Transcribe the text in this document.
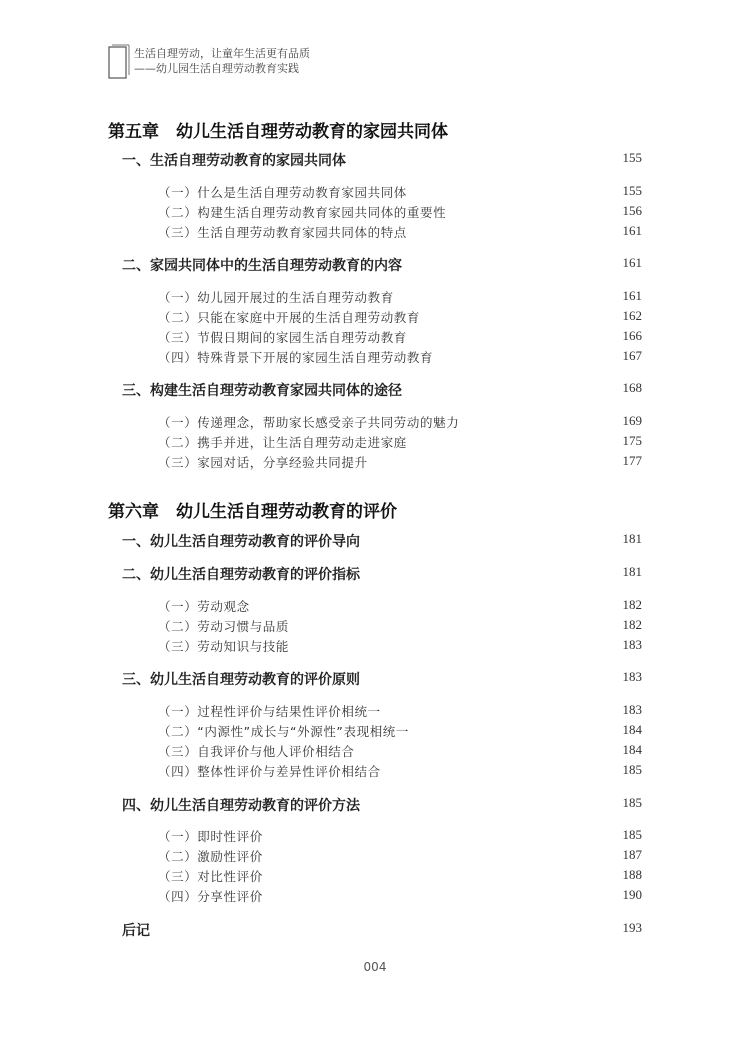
生活自理劳动，让童年生活更有品质
——幼儿园生活自理劳动教育实践
第五章　幼儿生活自理劳动教育的家园共同体
一、生活自理劳动教育的家园共同体	155
（一）什么是生活自理劳动教育家园共同体	155
（二）构建生活自理劳动教育家园共同体的重要性	156
（三）生活自理劳动教育家园共同体的特点	161
二、家园共同体中的生活自理劳动教育的内容	161
（一）幼儿园开展过的生活自理劳动教育	161
（二）只能在家庭中开展的生活自理劳动教育	162
（三）节假日期间的家园生活自理劳动教育	166
（四）特殊背景下开展的家园生活自理劳动教育	167
三、构建生活自理劳动教育家园共同体的途径	168
（一）传递理念，帮助家长感受亲子共同劳动的魅力	169
（二）携手并进，让生活自理劳动走进家庭	175
（三）家园对话，分享经验共同提升	177
第六章　幼儿生活自理劳动教育的评价
一、幼儿生活自理劳动教育的评价导向	181
二、幼儿生活自理劳动教育的评价指标	181
（一）劳动观念	182
（二）劳动习惯与品质	182
（三）劳动知识与技能	183
三、幼儿生活自理劳动教育的评价原则	183
（一）过程性评价与结果性评价相统一	183
（二）“内源性”成长与“外源性”表现相统一	184
（三）自我评价与他人评价相结合	184
（四）整体性评价与差异性评价相结合	185
四、幼儿生活自理劳动教育的评价方法	185
（一）即时性评价	185
（二）激励性评价	187
（三）对比性评价	188
（四）分享性评价	190
后记	193
004
